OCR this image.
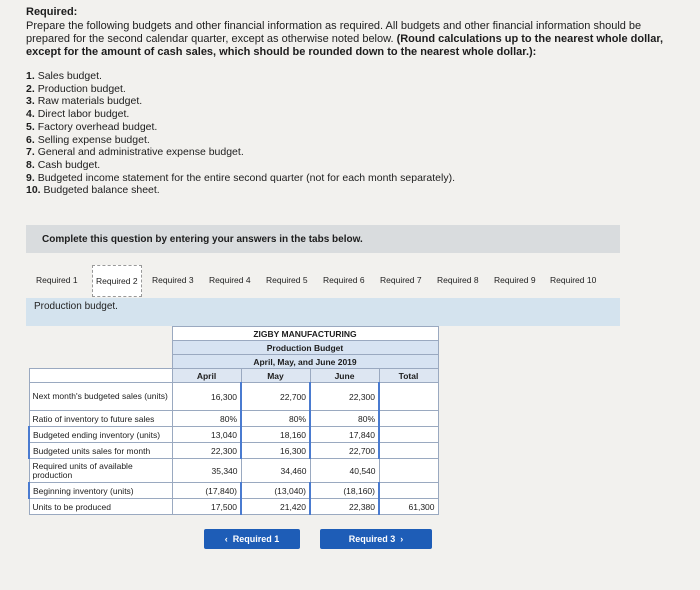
Required:
Prepare the following budgets and other financial information as required. All budgets and other financial information should be prepared for the second calendar quarter, except as otherwise noted below. (Round calculations up to the nearest whole dollar, except for the amount of cash sales, which should be rounded down to the nearest whole dollar.):
1. Sales budget.
2. Production budget.
3. Raw materials budget.
4. Direct labor budget.
5. Factory overhead budget.
6. Selling expense budget.
7. General and administrative expense budget.
8. Cash budget.
9. Budgeted income statement for the entire second quarter (not for each month separately).
10. Budgeted balance sheet.
Complete this question by entering your answers in the tabs below.
Required 1	Required 2	Required 3 Required 4 Required 5 Required 6 Required 7 Required 8 Required 9 Required 10
Production budget.
	ZIGBY MANUFACTURING			
	Production Budget			
	April, May, and June 2019			
	April	May	June	Total
Next month's budgeted sales (units)	16,300	22,700	22,300	
Ratio of inventory to future sales	80%	80%	80%	
Budgeted ending inventory (units)	13,040	18,160	17,840	
Budgeted units sales for month	22,300	16,300	22,700	
Required units of available production	35,340	34,460	40,540	
Beginning inventory (units)	(17,840)	(13,040)	(18,160)	
Units to be produced	17,500	21,420	22,380	61,300
‹ Required 1	Required 3 ›
